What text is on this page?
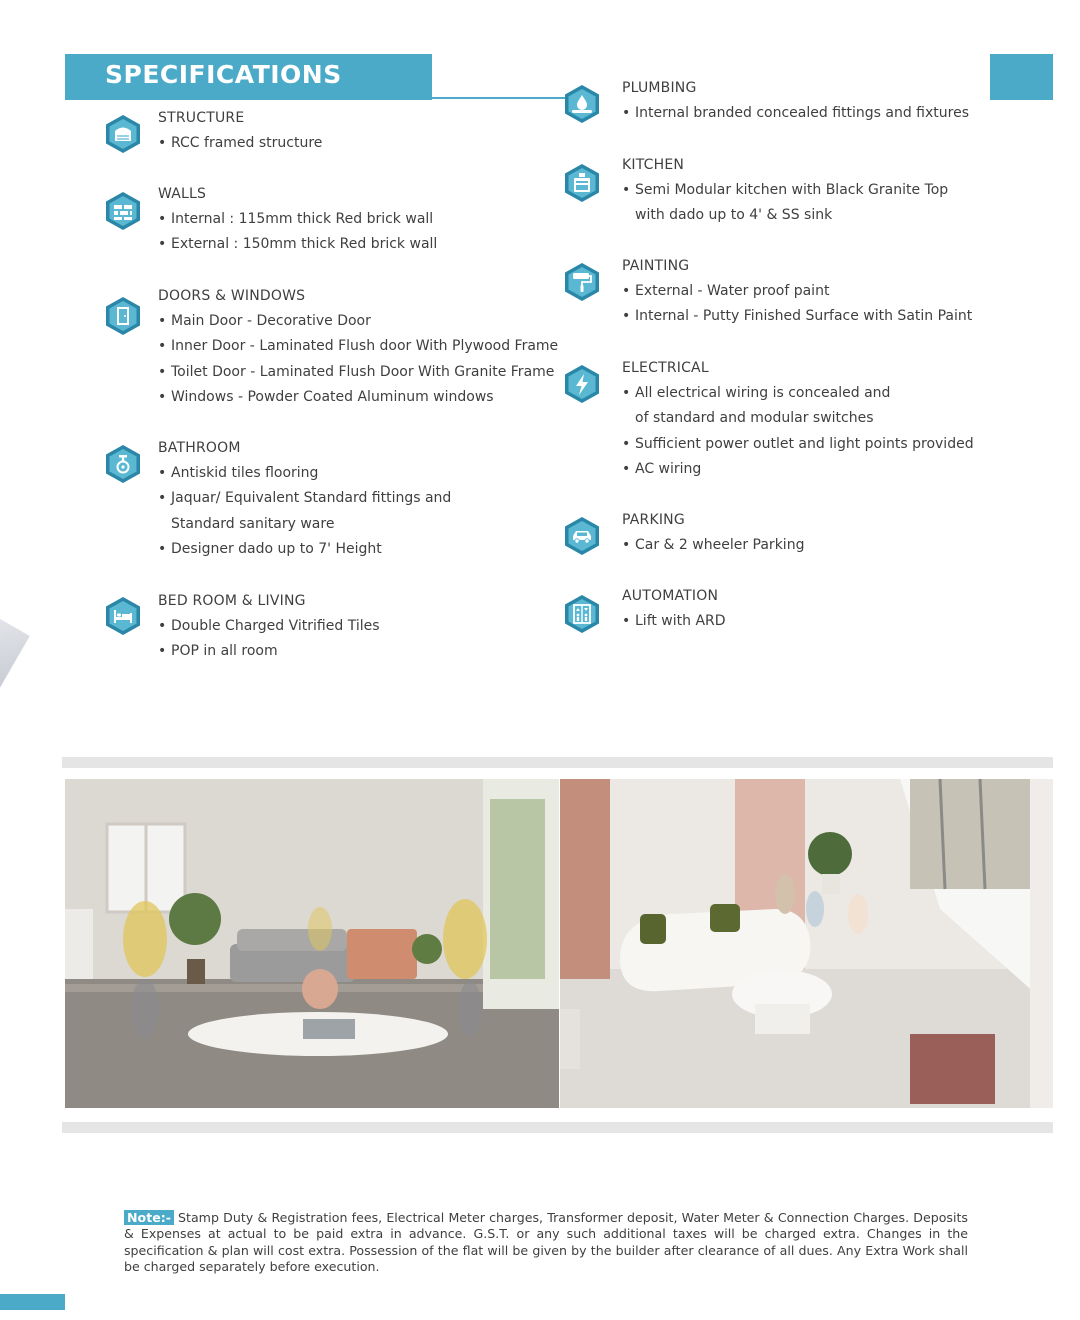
SPECIFICATIONS
STRUCTURE
• RCC framed structure
WALLS
• Internal : 115mm thick Red brick wall
• External : 150mm thick Red brick wall
DOORS & WINDOWS
• Main Door - Decorative Door
• Inner Door - Laminated Flush door With Plywood Frame
• Toilet Door - Laminated Flush Door With Granite Frame
• Windows - Powder Coated Aluminum windows
BATHROOM
• Antiskid tiles flooring
• Jaquar/ Equivalent Standard fittings and
Standard sanitary ware
• Designer dado up to 7' Height
BED ROOM & LIVING
• Double Charged Vitrified Tiles
• POP in all room
PLUMBING
• Internal branded concealed fittings and fixtures
KITCHEN
• Semi Modular kitchen with Black Granite Top
with dado up to 4' & SS sink
PAINTING
• External - Water proof paint
• Internal - Putty Finished Surface with Satin Paint
ELECTRICAL
• All electrical wiring is concealed and
of standard and modular switches
• Sufficient power outlet and light points provided
• AC wiring
PARKING
• Car & 2 wheeler Parking
AUTOMATION
• Lift with ARD
Note:- Stamp Duty & Registration fees, Electrical Meter charges, Transformer deposit, Water Meter & Connection Charges. Deposits & Expenses at actual to be paid extra in advance. G.S.T. or any such additional taxes will be charged extra. Changes in the specification & plan will cost extra. Possession of the flat will be given by the builder after clearance of all dues. Any Extra Work shall be charged separately before execution.
